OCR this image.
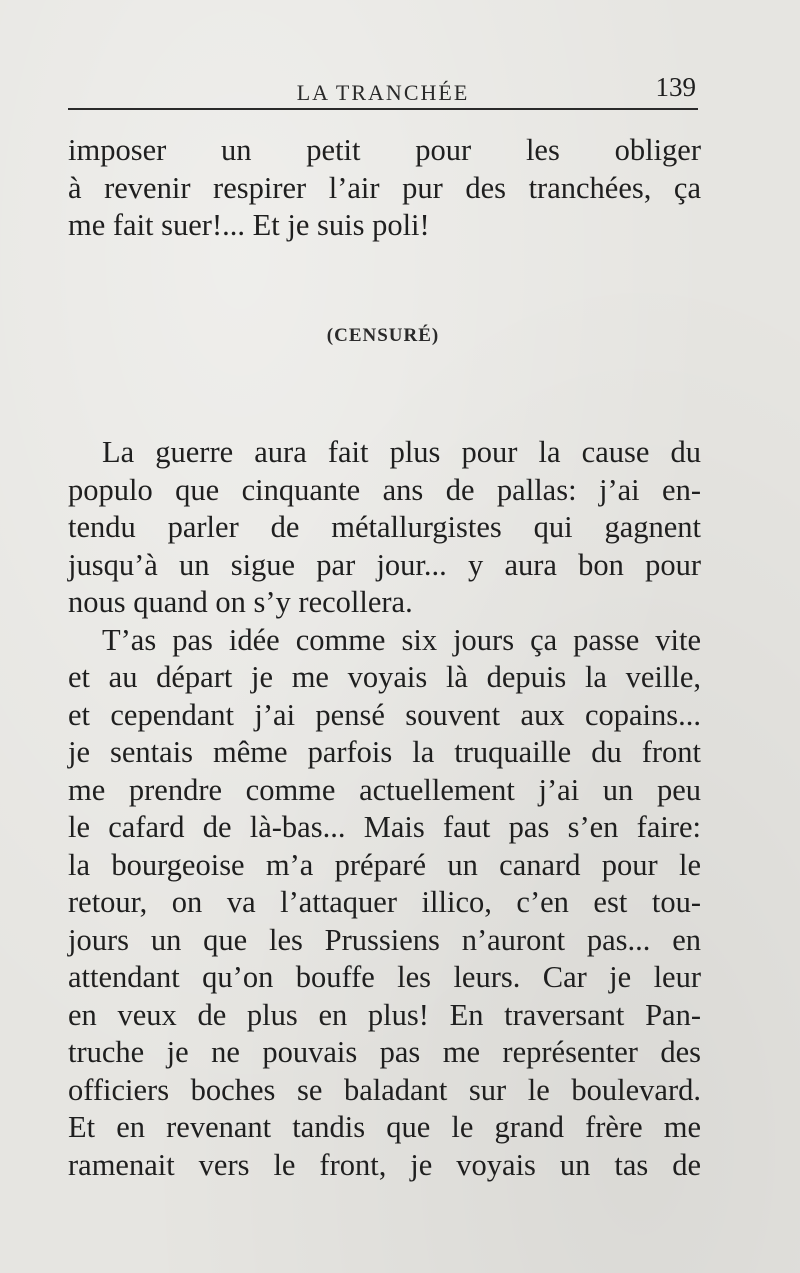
LA TRANCHÉE	139
imposer un petit pour les obliger
à revenir respirer l’air pur des tranchées, ça
me fait suer!... Et je suis poli!
(CENSURÉ)
La guerre aura fait plus pour la cause du
populo que cinquante ans de pallas: j’ai en-
tendu parler de métallurgistes qui gagnent
jusqu’à un sigue par jour... y aura bon pour
nous quand on s’y recollera.
T’as pas idée comme six jours ça passe vite
et au départ je me voyais là depuis la veille,
et cependant j’ai pensé souvent aux copains...
je sentais même parfois la truquaille du front
me prendre comme actuellement j’ai un peu
le cafard de là-bas... Mais faut pas s’en faire:
la bourgeoise m’a préparé un canard pour le
retour, on va l’attaquer illico, c’en est tou-
jours un que les Prussiens n’auront pas... en
attendant qu’on bouffe les leurs. Car je leur
en veux de plus en plus! En traversant Pan-
truche je ne pouvais pas me représenter des
officiers boches se baladant sur le boulevard.
Et en revenant tandis que le grand frère me
ramenait vers le front, je voyais un tas de
